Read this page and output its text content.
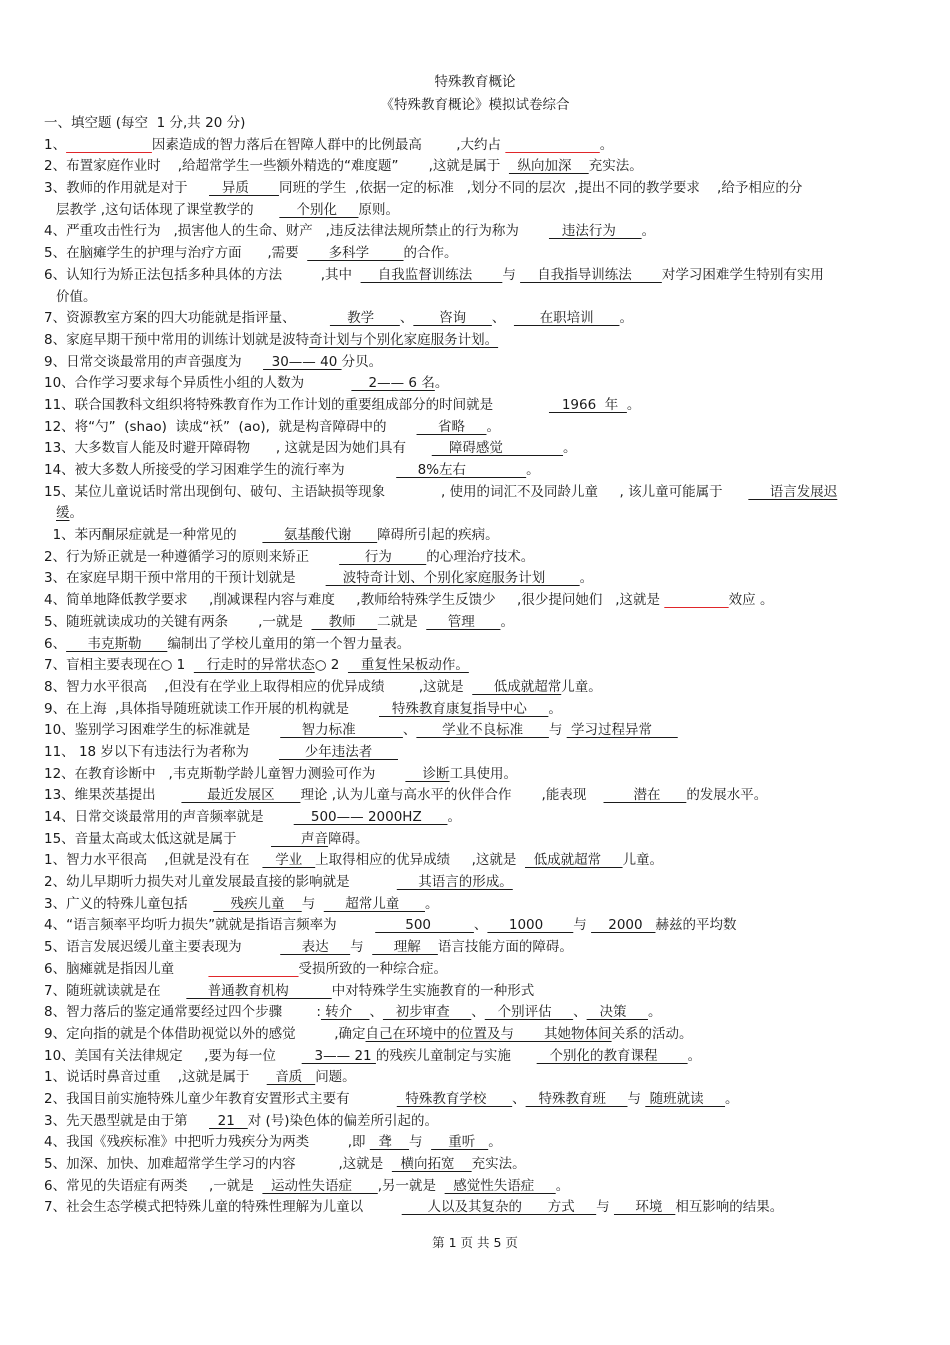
特殊教育概论
《特殊教育概论》模拟试卷综合
一、填空题 (每空  1 分,共 20 分)
1、	因素造成的智力落后在智障人群中的比例最高        ,大约占	。
2、布置家庭作业时    ,给超常学生一些额外精选的“难度题”       ,这就是属于    纵向加深    充实法。
3、教师的作用就是对于        异质       同班的学生  ,依据一定的标准   ,划分不同的层次  ,提出不同的教学要求    ,给予相应的分
层教学 ,这句话体现了课堂教学的          个别化     原则。
4、严重攻击性行为   ,损害他人的生命、财产   ,违反法律法规所禁止的行为称为          违法行为      。
5、在脑瘫学生的护理与治疗方面      ,需要       多科学        的合作。
6、认知行为矫正法包括多种具体的方法         ,其中      自我监督训练法       与     自我指导训练法       对学习困难学生特别有实用
价值。
7、资源教室方案的四大功能就是指评量、            教学      、      咨询      、        在职培训      。
8、家庭早期干预中常用的训练计划就是波特奇计划与个别化家庭服务计划。
9、日常交谈最常用的声音强度为       30—— 40 分贝。
10、合作学习要求每个异质性小组的人数为               2—— 6 名。
11、联合国教科文组织将特殊教育作为工作计划的重要组成部分的时间就是                1966  年  。
12、将“勺”  (shao)  读成“袄”  (ao),  就是构音障碍中的            省略     。
13、大多数盲人能及时避开障碍物      , 这就是因为她们具有          障碍感觉              。
14、被大多数人所接受的学习困难学生的流行率为                 8%左右              。
15、某位儿童说话时常出现倒句、破句、主语缺损等现象             , 使用的词汇不及同龄儿童     , 该儿童可能属于           语言发展迟
缓。
1、苯丙酮尿症就是一种常见的           氨基酸代谢      障碍所引起的疾病。
2、行为矫正就是一种遵循学习的原则来矫正             行为        的心理治疗技术。
3、在家庭早期干预中常用的干预计划就是           波特奇计划、个别化家庭服务计划        。
4、简单地降低教学要求     ,削减课程内容与难度     ,教师给特殊学生反馈少     ,很少提问她们   ,这就是	效应 。
5、随班就读成功的关键有两条       ,一就是      教师     二就是       管理      。
6、     韦克斯勒      编制出了学校儿童用的第一个智力量表。
7、盲相主要表现在○ 1     行走时的异常状态○ 2     重复性呆板动作。
8、智力水平很高    ,但没有在学业上取得相应的优异成绩        ,这就是       低成就超常儿童。
9、在上海  ,具体指导随班就读工作开展的机构就是          特殊教育康复指导中心     。
10、鉴别学习困难学生的标准就是            智力标准           、      学业不良标准      与  学习过程异常
11、 18 岁以下有违法行为者称为             少年违法者
12、在教育诊断中   ,韦克斯勒学龄儿童智力测验可作为           诊断工具使用。
13、维果茨基提出            最近发展区      理论 ,认为儿童与高水平的伙伴合作       ,能表现           潜在      的发展水平。
14、日常交谈最常用的声音频率就是           500—— 2000HZ      。
15、音量太高或太低这就是属于               声音障碍。
1、智力水平很高    ,但就是没有在      学业   上取得相应的优异成绩     ,这就是    低成就超常     儿童。
2、幼儿早期听力损失对儿童发展最直接的影响就是                其语言的形成。
3、广义的特殊儿童包括          残疾儿童    与       超常儿童      。
4、“语言频率平均听力损失”就就是指语言频率为                500          、     1000       与     2000   赫兹的平均数
5、语言发展迟缓儿童主要表现为              表达     与       理解    语言技能方面的障碍。
6、脑瘫就是指因儿童	受损所致的一种综合症。
7、随班就读就是在           普通教育机构          中对特殊学生实施教育的一种形式
8、智力落后的鉴定通常要经过四个步骤        : 转介    、   初步审查     、   个别评估     、   决策     。
9、定向指的就是个体借助视觉以外的感觉         ,确定自己在环境中的位置及与       其她物体间关系的活动。
10、美国有关法律规定     ,要为每一位         3—— 21 的残疾儿童制定与实施         个别化的教育课程       。
1、说话时鼻音过重    ,这就是属于      音质   问题。
2、我国目前实施特殊儿童少年教育安置形式主要有             特殊教育学校      、   特殊教育班     与  随班就读     。
3、先天愚型就是由于第       21   对 (号)染色体的偏差所引起的。
4、我国《残疾标准》中把听力残疾分为两类         ,即   聋    与      重听   。
5、加深、加快、加难超常学生学习的内容          ,这就是    横向拓宽    充实法。
6、常见的失语症有两类     ,一就是    运动性失语症      ,另一就是    感觉性失语症     。
7、社会生态学模式把特殊儿童的特殊性理解为儿童以               人以及其复杂的      方式     与      环境   相互影响的结果。
第 1 页 共 5 页
